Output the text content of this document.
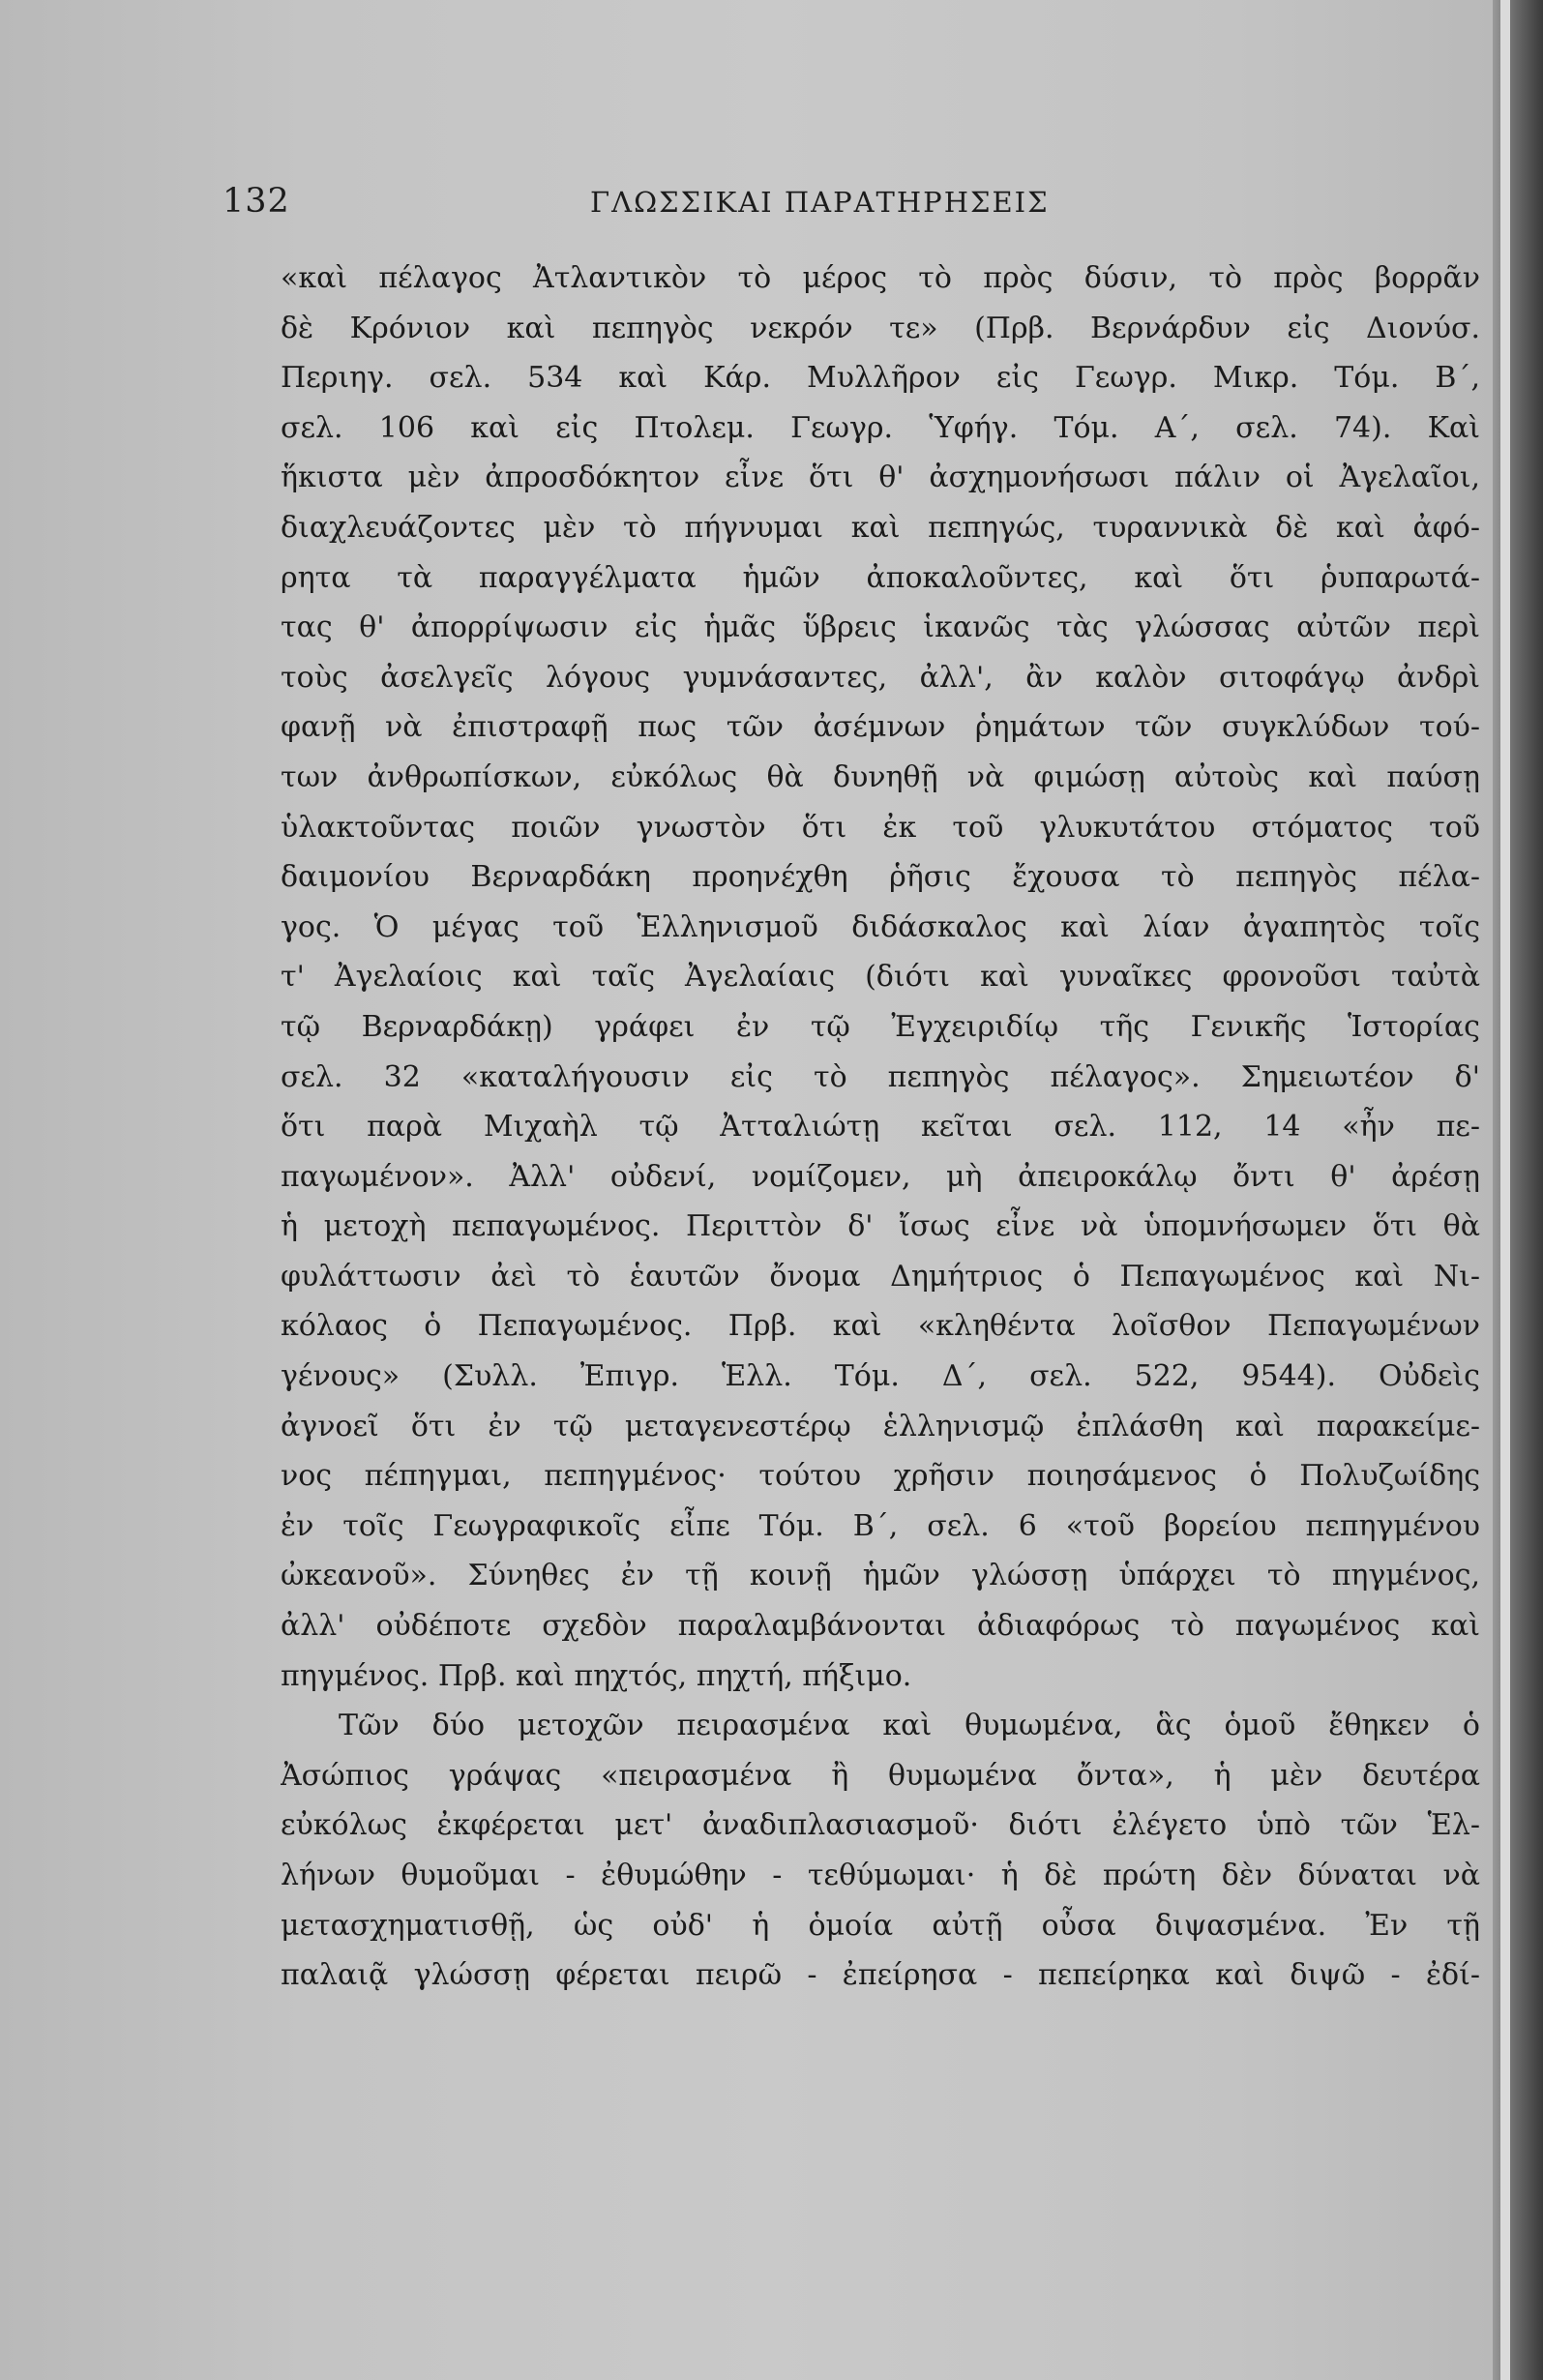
132	ΓΛΩΣΣΙΚΑΙ ΠΑΡΑΤΗΡΗΣΕΙΣ
«καὶ πέλαγος Ἀτλαντικὸν τὸ μέρος τὸ πρὸς δύσιν, τὸ πρὸς βορρᾶν
δὲ Κρόνιον καὶ πεπηγὸς νεκρόν τε» (Πρβ. Βερνάρδυν εἰς Διονύσ.
Περιηγ. σελ. 534 καὶ Κάρ. Μυλλῆρον εἰς Γεωγρ. Μικρ. Τόμ. Β΄,
σελ. 106 καὶ εἰς Πτολεμ. Γεωγρ. Ὑφήγ. Τόμ. Α΄, σελ. 74). Καὶ
ἥκιστα μὲν ἀπροσδόκητον εἶνε ὅτι θ' ἀσχημονήσωσι πάλιν οἱ Ἀγελαῖοι,
διαχλευάζοντες μὲν τὸ πήγνυμαι καὶ πεπηγώς, τυραννικὰ δὲ καὶ ἀφό-
ρητα τὰ παραγγέλματα ἡμῶν ἀποκαλοῦντες, καὶ ὅτι ῥυπαρωτά-
τας θ' ἀπορρίψωσιν εἰς ἡμᾶς ὕβρεις ἱκανῶς τὰς γλώσσας αὐτῶν περὶ
τοὺς ἀσελγεῖς λόγους γυμνάσαντες, ἀλλ', ἂν καλὸν σιτοφάγῳ ἀνδρὶ
φανῇ νὰ ἐπιστραφῇ πως τῶν ἀσέμνων ῥημάτων τῶν συγκλύδων τού-
των ἀνθρωπίσκων, εὐκόλως θὰ δυνηθῇ νὰ φιμώσῃ αὐτοὺς καὶ παύσῃ
ὑλακτοῦντας ποιῶν γνωστὸν ὅτι ἐκ τοῦ γλυκυτάτου στόματος τοῦ
δαιμονίου Βερναρδάκη προηνέχθη ῥῆσις ἔχουσα τὸ πεπηγὸς πέλα-
γος. Ὁ μέγας τοῦ Ἑλληνισμοῦ διδάσκαλος καὶ λίαν ἀγαπητὸς τοῖς
τ' Ἀγελαίοις καὶ ταῖς Ἀγελαίαις (διότι καὶ γυναῖκες φρονοῦσι ταὐτὰ
τῷ Βερναρδάκῃ) γράφει ἐν τῷ Ἐγχειριδίῳ τῆς Γενικῆς Ἱστορίας
σελ. 32 «καταλήγουσιν εἰς τὸ πεπηγὸς πέλαγος». Σημειωτέον δ'
ὅτι παρὰ Μιχαὴλ τῷ Ἀτταλιώτῃ κεῖται σελ. 112, 14 «ἦν πε-
παγωμένον». Ἀλλ' οὐδενί, νομίζομεν, μὴ ἀπειροκάλῳ ὄντι θ' ἀρέσῃ
ἡ μετοχὴ πεπαγωμένος. Περιττὸν δ' ἴσως εἶνε νὰ ὑπομνήσωμεν ὅτι θὰ
φυλάττωσιν ἀεὶ τὸ ἑαυτῶν ὄνομα Δημήτριος ὁ Πεπαγωμένος καὶ Νι-
κόλαος ὁ Πεπαγωμένος. Πρβ. καὶ «κληθέντα λοῖσθον Πεπαγωμένων
γένους» (Συλλ. Ἐπιγρ. Ἑλλ. Τόμ. Δ΄, σελ. 522, 9544). Οὐδεὶς
ἀγνοεῖ ὅτι ἐν τῷ μεταγενεστέρῳ ἑλληνισμῷ ἐπλάσθη καὶ παρακείμε-
νος πέπηγμαι, πεπηγμένος· τούτου χρῆσιν ποιησάμενος ὁ Πολυζωίδης
ἐν τοῖς Γεωγραφικοῖς εἶπε Τόμ. Β΄, σελ. 6 «τοῦ βορείου πεπηγμένου
ὠκεανοῦ». Σύνηθες ἐν τῇ κοινῇ ἡμῶν γλώσσῃ ὑπάρχει τὸ πηγμένος,
ἀλλ' οὐδέποτε σχεδὸν παραλαμβάνονται ἀδιαφόρως τὸ παγωμένος καὶ
πηγμένος. Πρβ. καὶ πηχτός, πηχτή, πήξιμο.
Τῶν δύο μετοχῶν πειρασμένα καὶ θυμωμένα, ἃς ὁμοῦ ἔθηκεν ὁ
Ἀσώπιος γράψας «πειρασμένα ἢ θυμωμένα ὄντα», ἡ μὲν δευτέρα
εὐκόλως ἐκφέρεται μετ' ἀναδιπλασιασμοῦ· διότι ἐλέγετο ὑπὸ τῶν Ἑλ-
λήνων θυμοῦμαι - ἐθυμώθην - τεθύμωμαι· ἡ δὲ πρώτη δὲν δύναται νὰ
μετασχηματισθῇ, ὡς οὐδ' ἡ ὁμοία αὐτῇ οὖσα διψασμένα. Ἐν τῇ
παλαιᾷ γλώσσῃ φέρεται πειρῶ - ἐπείρησα - πεπείρηκα καὶ διψῶ - ἐδί-
